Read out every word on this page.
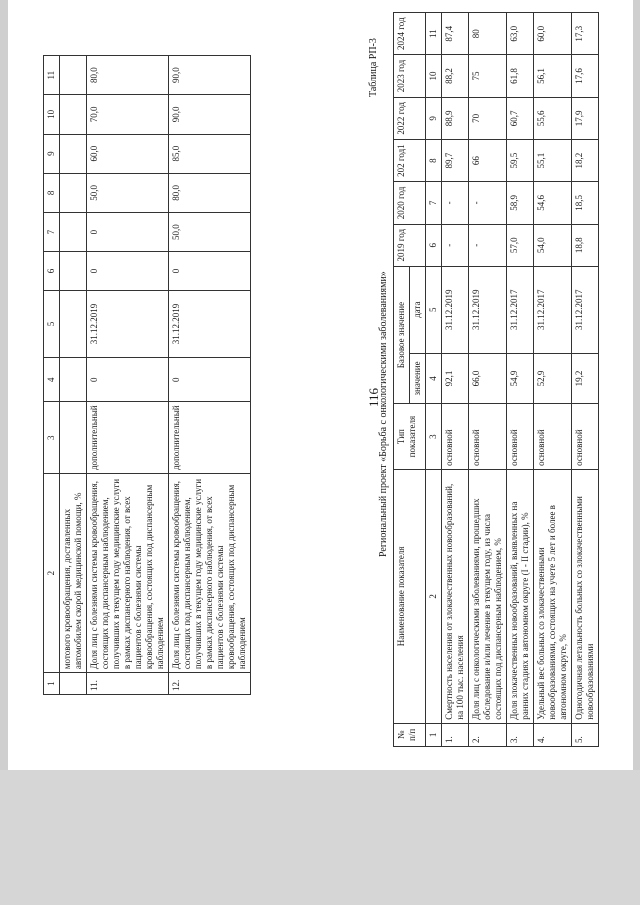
116
1	2	3	4	5	6	7	8	9	10	11
	мотового кровообращения, доставленных автомобилем скорой медицинской помощи, %									
11.	Доля лиц с болезнями системы кровообращения, состоящих под диспансерным наблюдением, получивших в текущем году медицинские услуги в рамках диспансерного наблюдения, от всех пациентов с болезнями системы кровообращения, состоящих под диспансерным наблюдением	дополнительный	0	31.12.2019	0	0	50,0	60,0	70,0	80,0
12.	Доля лиц с болезнями системы кровообращения, состоящих под диспансерным наблюдением, получивших в текущем году медицинские услуги в рамках диспансерного наблюдения, от всех пациентов с болезнями системы кровообращения, состоящих под диспансерным наблюдением	дополнительный	0	31.12.2019	0	50,0	80,0	85,0	90,0	90,0	Таблица РП-3
Региональный проект «Борьба с онкологическими заболеваниями»
№ п/п	Наименование показателя	Тип показателя	Базовое значение		2019 год	2020 год	202 год1	2022 год	2023 год	2024 год
			значение	дата						
1	2	3	4	5	6	7	8	9	10	11
1.	Смертность населения от злокачественных новообразований, на 100 тыс. населения	основной	92,1	31.12.2019	-	-	89,7	88,9	88,2	87,4
2.	Доля лиц с онкологическими заболеваниями, прошедших обследование и/или лечение в текущем году, из числа состоящих под диспансерным наблюдением, %	основной	66,0	31.12.2019	-	-	66	70	75	80
3.	Доля злокачественных новообразований, выявленных на ранних стадиях в автономном округе (I - II стадии), %	основной	54,9	31.12.2017	57,0	58,9	59,5	60,7	61,8	63,0
4.	Удельный вес больных со злокачественными новообразованиями, состоящих на учете 5 лет и более в автономном округе, %	основной	52,9	31.12.2017	54,0	54,6	55,1	55,6	56,1	60,0
5.	Одногодичная летальность больных со злокачественными новообразованиями	основной	19,2	31.12.2017	18,8	18,5	18,2	17,9	17,6	17,3
